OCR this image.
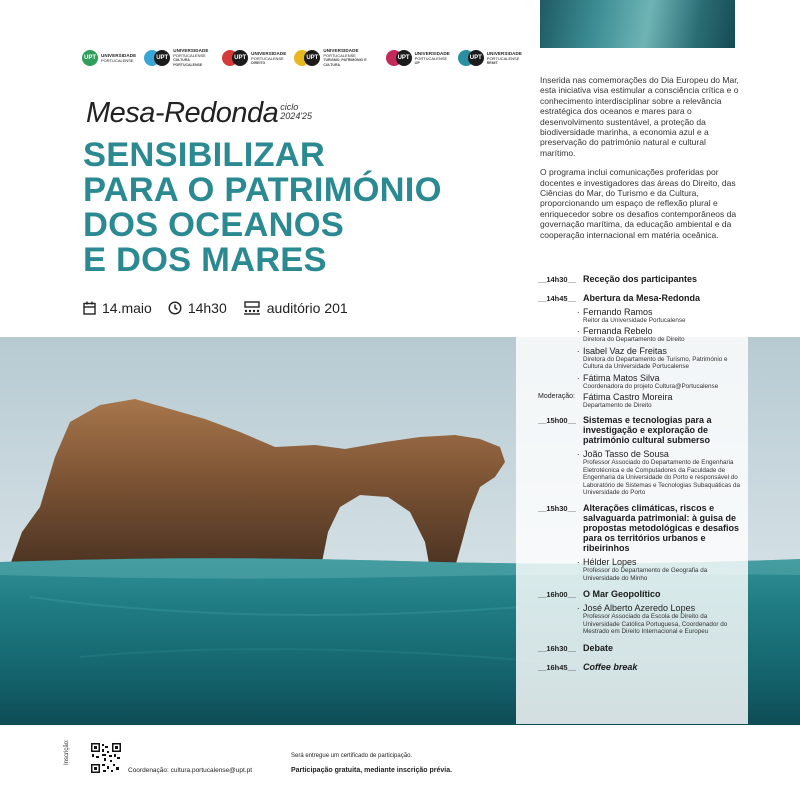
UPT	UNIVERSIDADE
PORTUCALENSE	UPT
UNIVERSIDADE
PORTUCALENSE
CULTURA PORTUCALENSE
UPT
UNIVERSIDADE
PORTUCALENSE
DIREITO
UPT
UNIVERSIDADE
PORTUCALENSE
TURISMO, PATRIMÓNIO E CULTURA
UPT
UNIVERSIDADE
PORTUCALENSE
IJP
UPT
UNIVERSIDADE
PORTUCALENSE
REMIT
Mesa-Redonda ciclo
2024'25
SENSIBILIZAR
PARA O PATRIMÓNIO
DOS OCEANOS
E DOS MARES
14.maio	14h30	auditório 201

Inserida nas comemorações do Dia Europeu do Mar, esta iniciativa visa estimular a consciência crítica e o conhecimento interdisciplinar sobre a relevância estratégica dos oceanos e mares para o desenvolvimento sustentável, a proteção da biodiversidade marinha, a economia azul e a preservação do património natural e cultural marítimo.

O programa inclui comunicações proferidas por docentes e investigadores das áreas do Direito, das Ciências do Mar, do Turismo e da Cultura, proporcionando um espaço de reflexão plural e enriquecedor sobre os desafios contemporâneos da governação marítima, da educação ambiental e da cooperação internacional em matéria oceânica.

__14h30__ Receção dos participantes
__14h45__ Abertura da Mesa-Redonda
. Fernando Ramos
Reitor da Universidade Portucalense
. Fernanda Rebelo
Diretora do Departamento de Direito
. Isabel Vaz de Freitas
Diretora do Departamento de Turismo, Património e Cultura da Universidade Portucalense
. Fátima Matos Silva
Coordenadora do projeto Cultura@Portucalense
Moderação: Fátima Castro Moreira
Departamento de Direito
__15h00__ Sistemas e tecnologias para a investigação e exploração de património cultural submerso
. João Tasso de Sousa
Professor Associado do Departamento de Engenharia Eletrotécnica e de Computadores da Faculdade de Engenharia da Universidade do Porto e responsável do Laboratório de Sistemas e Tecnologias Subaquáticas da Universidade do Porto
__15h30__ Alterações climáticas, riscos e salvaguarda patrimonial: à guisa de propostas metodológicas e desafios para os territórios urbanos e ribeirinhos
. Hélder Lopes
Professor do Departamento de Geografia da Universidade do Minho
__16h00__ O Mar Geopolítico
. José Alberto Azeredo Lopes
Professor Associado da Escola de Direito da Universidade Católica Portuguesa, Coordenador do Mestrado em Direito Internacional e Europeu
__16h30__ Debate
__16h45__ Coffee break
Inscrição:
Coordenação: cultura.portucalense@upt.pt
Será entregue um certificado de participação.
Participação gratuita, mediante inscrição prévia.
